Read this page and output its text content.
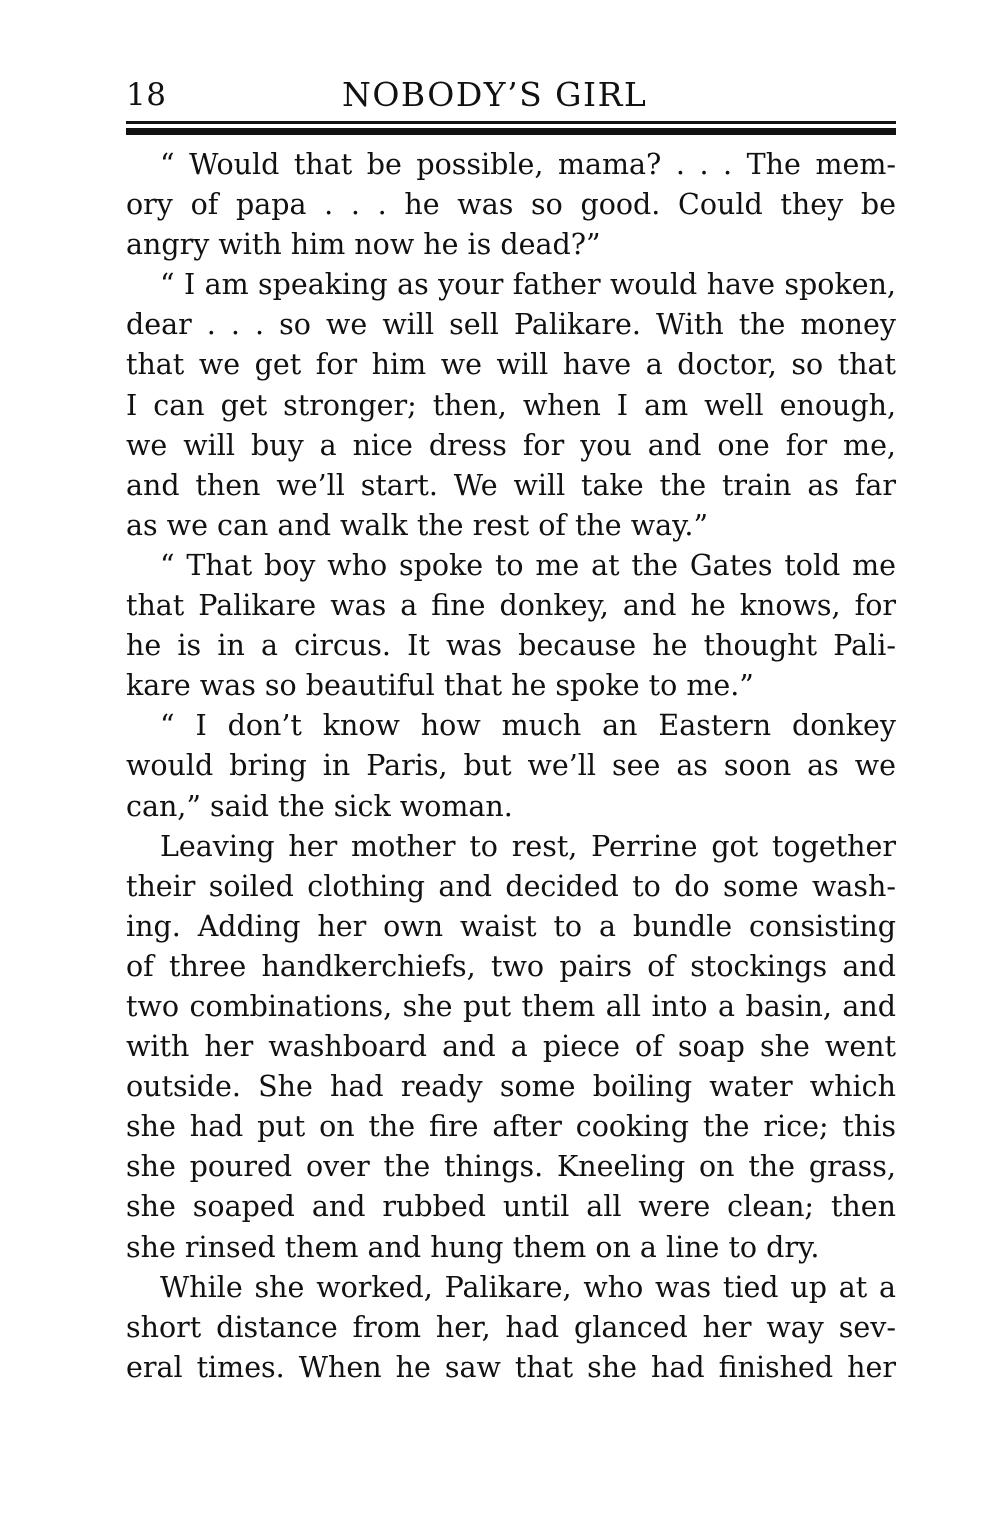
18	NOBODY’S GIRL
“ Would that be possible, mama? . . . The mem-
ory of papa . . . he was so good. Could they be
angry with him now he is dead?”
“ I am speaking as your father would have spoken,
dear . . . so we will sell Palikare. With the money
that we get for him we will have a doctor, so that
I can get stronger; then, when I am well enough,
we will buy a nice dress for you and one for me,
and then we’ll start. We will take the train as far
as we can and walk the rest of the way.”
“ That boy who spoke to me at the Gates told me
that Palikare was a fine donkey, and he knows, for
he is in a circus. It was because he thought Pali-
kare was so beautiful that he spoke to me.”
“ I don’t know how much an Eastern donkey
would bring in Paris, but we’ll see as soon as we
can,” said the sick woman.
Leaving her mother to rest, Perrine got together
their soiled clothing and decided to do some wash-
ing. Adding her own waist to a bundle consisting
of three handkerchiefs, two pairs of stockings and
two combinations, she put them all into a basin, and
with her washboard and a piece of soap she went
outside. She had ready some boiling water which
she had put on the fire after cooking the rice; this
she poured over the things. Kneeling on the grass,
she soaped and rubbed until all were clean; then
she rinsed them and hung them on a line to dry.
While she worked, Palikare, who was tied up at a
short distance from her, had glanced her way sev-
eral times. When he saw that she had finished her
